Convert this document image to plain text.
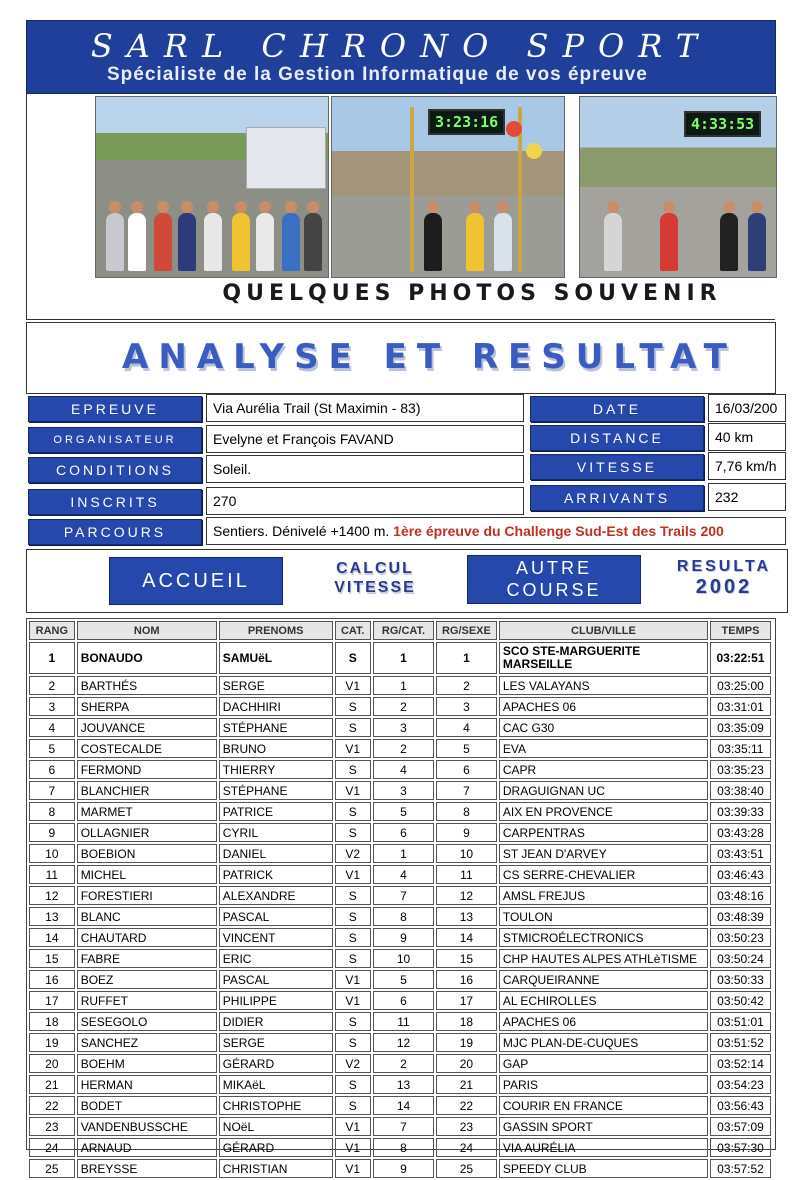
SARL CHRONO SPORT
Spécialiste de la Gestion Informatique de vos épreuve
3:23:16	4:33:53
QUELQUES PHOTOS SOUVENIR
ANALYSE ET RESULTAT
EPREUVE	Via Aurélia Trail (St Maximin - 83)	DATE	16/03/200
ORGANISATEUR	Evelyne et François FAVAND	DISTANCE	40 km
CONDITIONS	Soleil.	VITESSE	7,76 km/h
INSCRITS	270	ARRIVANTS	232
PARCOURS	Sentiers. Dénivelé +1400 m. 1ère épreuve du Challenge Sud-Est des Trails 200
ACCUEIL
CALCUL
VITESSE
AUTRE
COURSE
RESULTA
2002
RANG	NOM	PRENOMS	CAT.	RG/CAT.	RG/SEXE	CLUB/VILLE	TEMPS
1	BONAUDO	SAMUëL	S	1	1	SCO STE-MARGUERITE MARSEILLE	03:22:51
2	BARTHÉS	SERGE	V1	1	2	LES VALAYANS	03:25:00
3	SHERPA	DACHHIRI	S	2	3	APACHES 06	03:31:01
4	JOUVANCE	STÉPHANE	S	3	4	CAC G30	03:35:09
5	COSTECALDE	BRUNO	V1	2	5	EVA	03:35:11
6	FERMOND	THIERRY	S	4	6	CAPR	03:35:23
7	BLANCHIER	STÉPHANE	V1	3	7	DRAGUIGNAN UC	03:38:40
8	MARMET	PATRICE	S	5	8	AIX EN PROVENCE	03:39:33
9	OLLAGNIER	CYRIL	S	6	9	CARPENTRAS	03:43:28
10	BOEBION	DANIEL	V2	1	10	ST JEAN D'ARVEY	03:43:51
11	MICHEL	PATRICK	V1	4	11	CS SERRE-CHEVALIER	03:46:43
12	FORESTIERI	ALEXANDRE	S	7	12	AMSL FREJUS	03:48:16
13	BLANC	PASCAL	S	8	13	TOULON	03:48:39
14	CHAUTARD	VINCENT	S	9	14	STMICROÉLECTRONICS	03:50:23
15	FABRE	ERIC	S	10	15	CHP HAUTES ALPES ATHLèTISME	03:50:24
16	BOEZ	PASCAL	V1	5	16	CARQUEIRANNE	03:50:33
17	RUFFET	PHILIPPE	V1	6	17	AL ECHIROLLES	03:50:42
18	SESEGOLO	DIDIER	S	11	18	APACHES 06	03:51:01
19	SANCHEZ	SERGE	S	12	19	MJC PLAN-DE-CUQUES	03:51:52
20	BOEHM	GÉRARD	V2	2	20	GAP	03:52:14
21	HERMAN	MIKAëL	S	13	21	PARIS	03:54:23
22	BODET	CHRISTOPHE	S	14	22	COURIR EN FRANCE	03:56:43
23	VANDENBUSSCHE	NOëL	V1	7	23	GASSIN SPORT	03:57:09
24	ARNAUD	GÉRARD	V1	8	24	VIA AURÉLIA	03:57:30
25	BREYSSE	CHRISTIAN	V1	9	25	SPEEDY CLUB	03:57:52
